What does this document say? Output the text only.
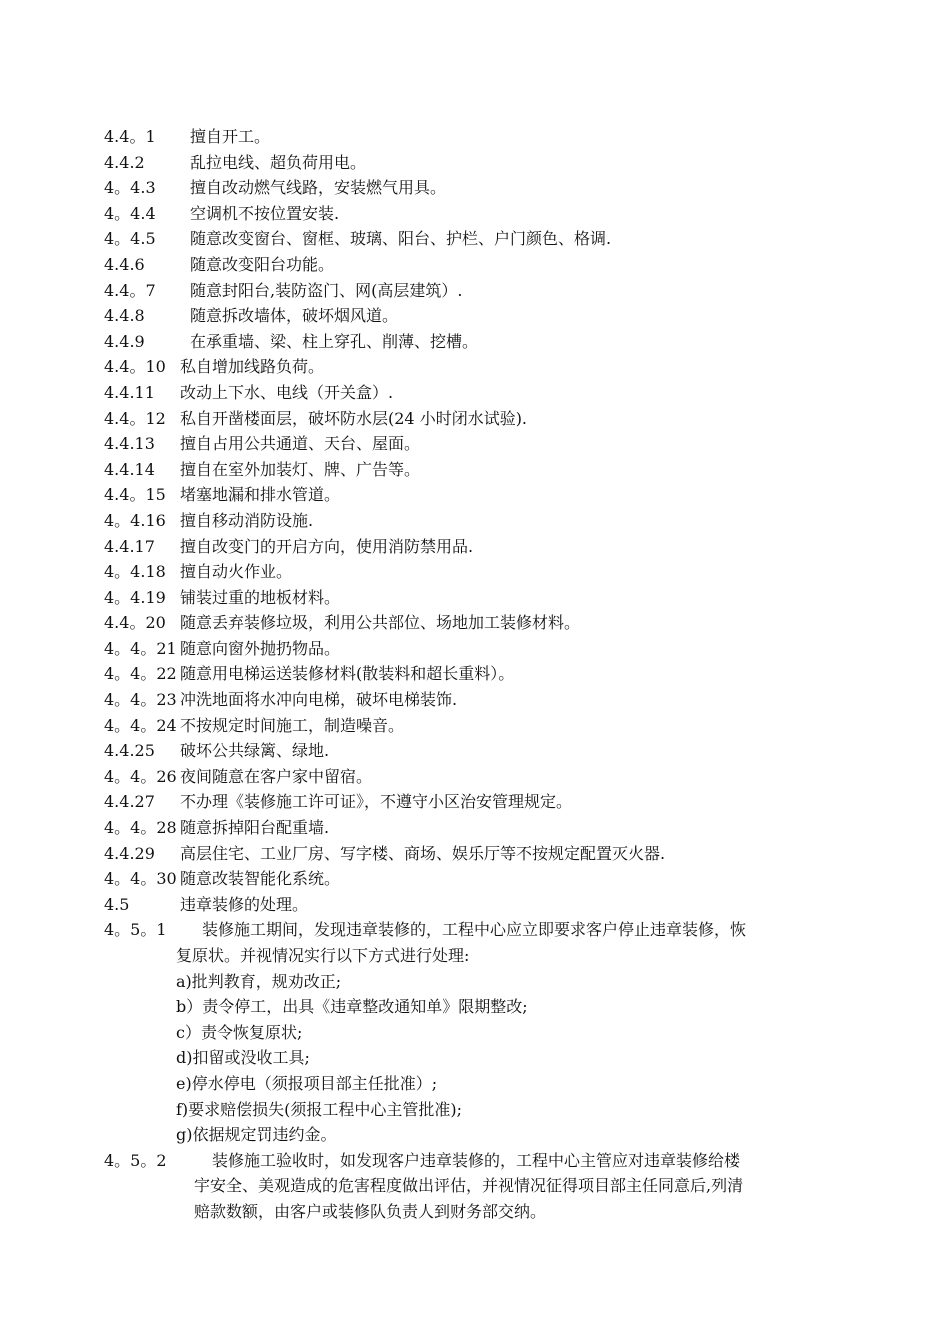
4.4。1 擅自开工。
4.4.2	乱拉电线、超负荷用电。
4。4.3 擅自改动燃气线路，安装燃气用具。
4。4.4 空调机不按位置安装.
4。4.5 随意改变窗台、窗框、玻璃、阳台、护栏、户门颜色、格调.
4.4.6	随意改变阳台功能。
4.4。7 随意封阳台,装防盗门、网(高层建筑）.
4.4.8	随意拆改墙体，破坏烟风道。
4.4.9	在承重墙、梁、柱上穿孔、削薄、挖槽。
4.4。10 私自增加线路负荷。
4.4.11 改动上下水、电线（开关盒）.
4.4。12 私自开凿楼面层，破坏防水层(24 小时闭水试验).
4.4.13 擅自占用公共通道、天台、屋面。
4.4.14 擅自在室外加装灯、牌、广告等。
4.4。15 堵塞地漏和排水管道。
4。4.16 擅自移动消防设施.
4.4.17 擅自改变门的开启方向，使用消防禁用品.
4。4.18 擅自动火作业。
4。4.19 铺装过重的地板材料。
4.4。20 随意丢弃装修垃圾，利用公共部位、场地加工装修材料。
4。4。21 随意向窗外抛扔物品。
4。4。22 随意用电梯运送装修材料(散装料和超长重料）。
4。4。23 冲洗地面将水冲向电梯，破坏电梯装饰.
4。4。24 不按规定时间施工，制造噪音。
4.4.25 破坏公共绿篱、绿地.
4。4。26 夜间随意在客户家中留宿。
4.4.27 不办理《装修施工许可证》，不遵守小区治安管理规定。
4。4。28 随意拆掉阳台配重墙.
4.4.29 高层住宅、工业厂房、写字楼、商场、娱乐厅等不按规定配置灭火器.
4。4。30 随意改装智能化系统。
4.5	违章装修的处理。
4。5。1	装修施工期间，发现违章装修的，工程中心应立即要求客户停止违章装修，恢
复原状。并视情况实行以下方式进行处理:
a)批判教育，规劝改正;
b）责令停工，出具《违章整改通知单》限期整改;
c）责令恢复原状;
d)扣留或没收工具;
e)停水停电（须报项目部主任批准）;
f)要求赔偿损失(须报工程中心主管批准);
g)依据规定罚违约金。
4。5。2	装修施工验收时，如发现客户违章装修的，工程中心主管应对违章装修给楼
宇安全、美观造成的危害程度做出评估，并视情况征得项目部主任同意后,列清
赔款数额，由客户或装修队负责人到财务部交纳。
